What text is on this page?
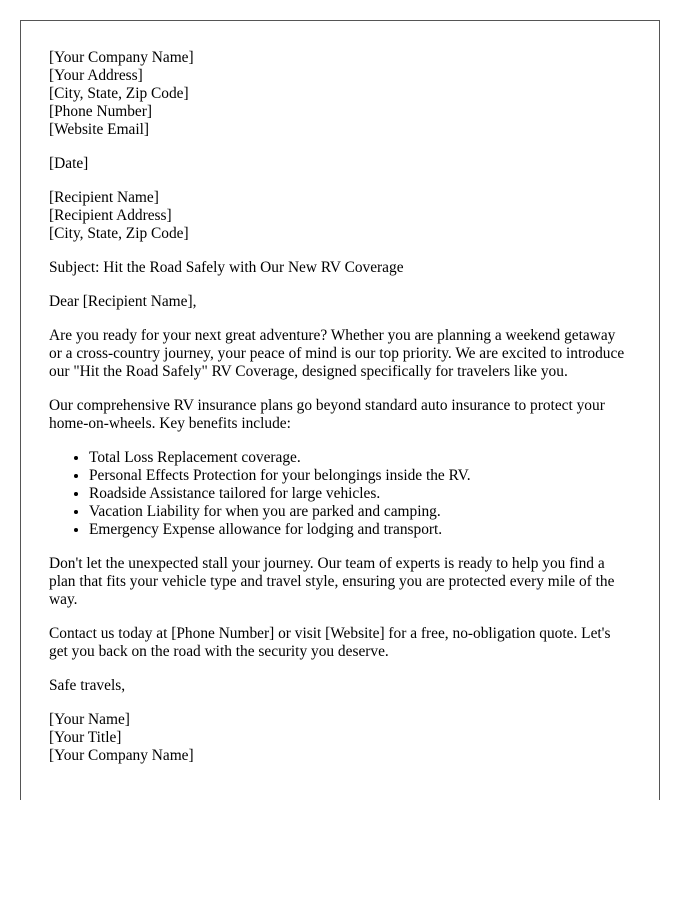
[Your Company Name]
[Your Address]
[City, State, Zip Code]
[Phone Number]
[Website Email]
[Date]
[Recipient Name]
[Recipient Address]
[City, State, Zip Code]

Subject: Hit the Road Safely with Our New RV Coverage

Dear [Recipient Name],

Are you ready for your next great adventure? Whether you are planning a weekend getaway or a cross-country journey, your peace of mind is our top priority. We are excited to introduce our "Hit the Road Safely" RV Coverage, designed specifically for travelers like you.

Our comprehensive RV insurance plans go beyond standard auto insurance to protect your home-on-wheels. Key benefits include:

• Total Loss Replacement coverage.
• Personal Effects Protection for your belongings inside the RV.
• Roadside Assistance tailored for large vehicles.
• Vacation Liability for when you are parked and camping.
• Emergency Expense allowance for lodging and transport.

Don't let the unexpected stall your journey. Our team of experts is ready to help you find a plan that fits your vehicle type and travel style, ensuring you are protected every mile of the way.

Contact us today at [Phone Number] or visit [Website] for a free, no-obligation quote. Let's get you back on the road with the security you deserve.

Safe travels,

[Your Name]
[Your Title]
[Your Company Name]
